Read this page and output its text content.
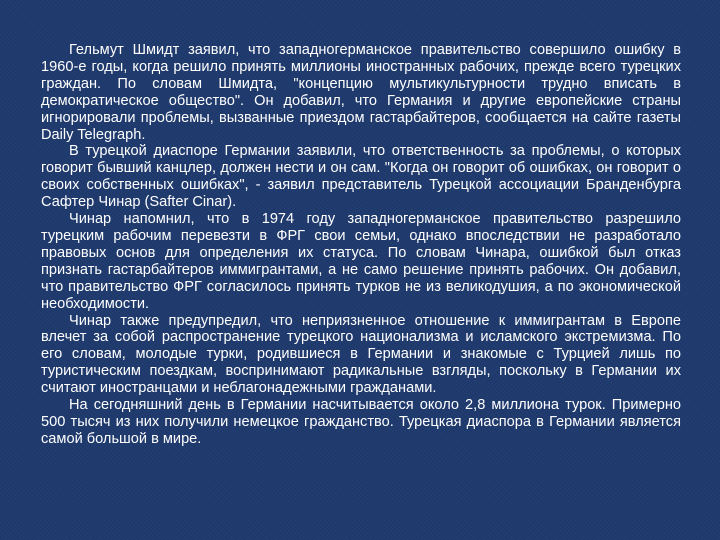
Гельмут Шмидт заявил, что западногерманское правительство совершило ошибку в 1960-е годы, когда решило принять миллионы иностранных рабочих, прежде всего турецких граждан. По словам Шмидта, "концепцию мультикультурности трудно вписать в демократическое общество". Он добавил, что Германия и другие европейские страны игнорировали проблемы, вызванные приездом гастарбайтеров, сообщается на сайте газеты Daily Telegraph.

В турецкой диаспоре Германии заявили, что ответственность за проблемы, о которых говорит бывший канцлер, должен нести и он сам. "Когда он говорит об ошибках, он говорит о своих собственных ошибках", - заявил представитель Турецкой ассоциации Бранденбурга Сафтер Чинар (Safter Cinar).

Чинар напомнил, что в 1974 году западногерманское правительство разрешило турецким рабочим перевезти в ФРГ свои семьи, однако впоследствии не разработало правовых основ для определения их статуса. По словам Чинара, ошибкой был отказ признать гастарбайтеров иммигрантами, а не само решение принять рабочих. Он добавил, что правительство ФРГ согласилось принять турков не из великодушия, а по экономической необходимости.

Чинар также предупредил, что неприязненное отношение к иммигрантам в Европе влечет за собой распространение турецкого национализма и исламского экстремизма. По его словам, молодые турки, родившиеся в Германии и знакомые с Турцией лишь по туристическим поездкам, воспринимают радикальные взгляды, поскольку в Германии их считают иностранцами и неблагонадежными гражданами.

На сегодняшний день в Германии насчитывается около 2,8 миллиона турок. Примерно 500 тысяч из них получили немецкое гражданство. Турецкая диаспора в Германии является самой большой в мире.
